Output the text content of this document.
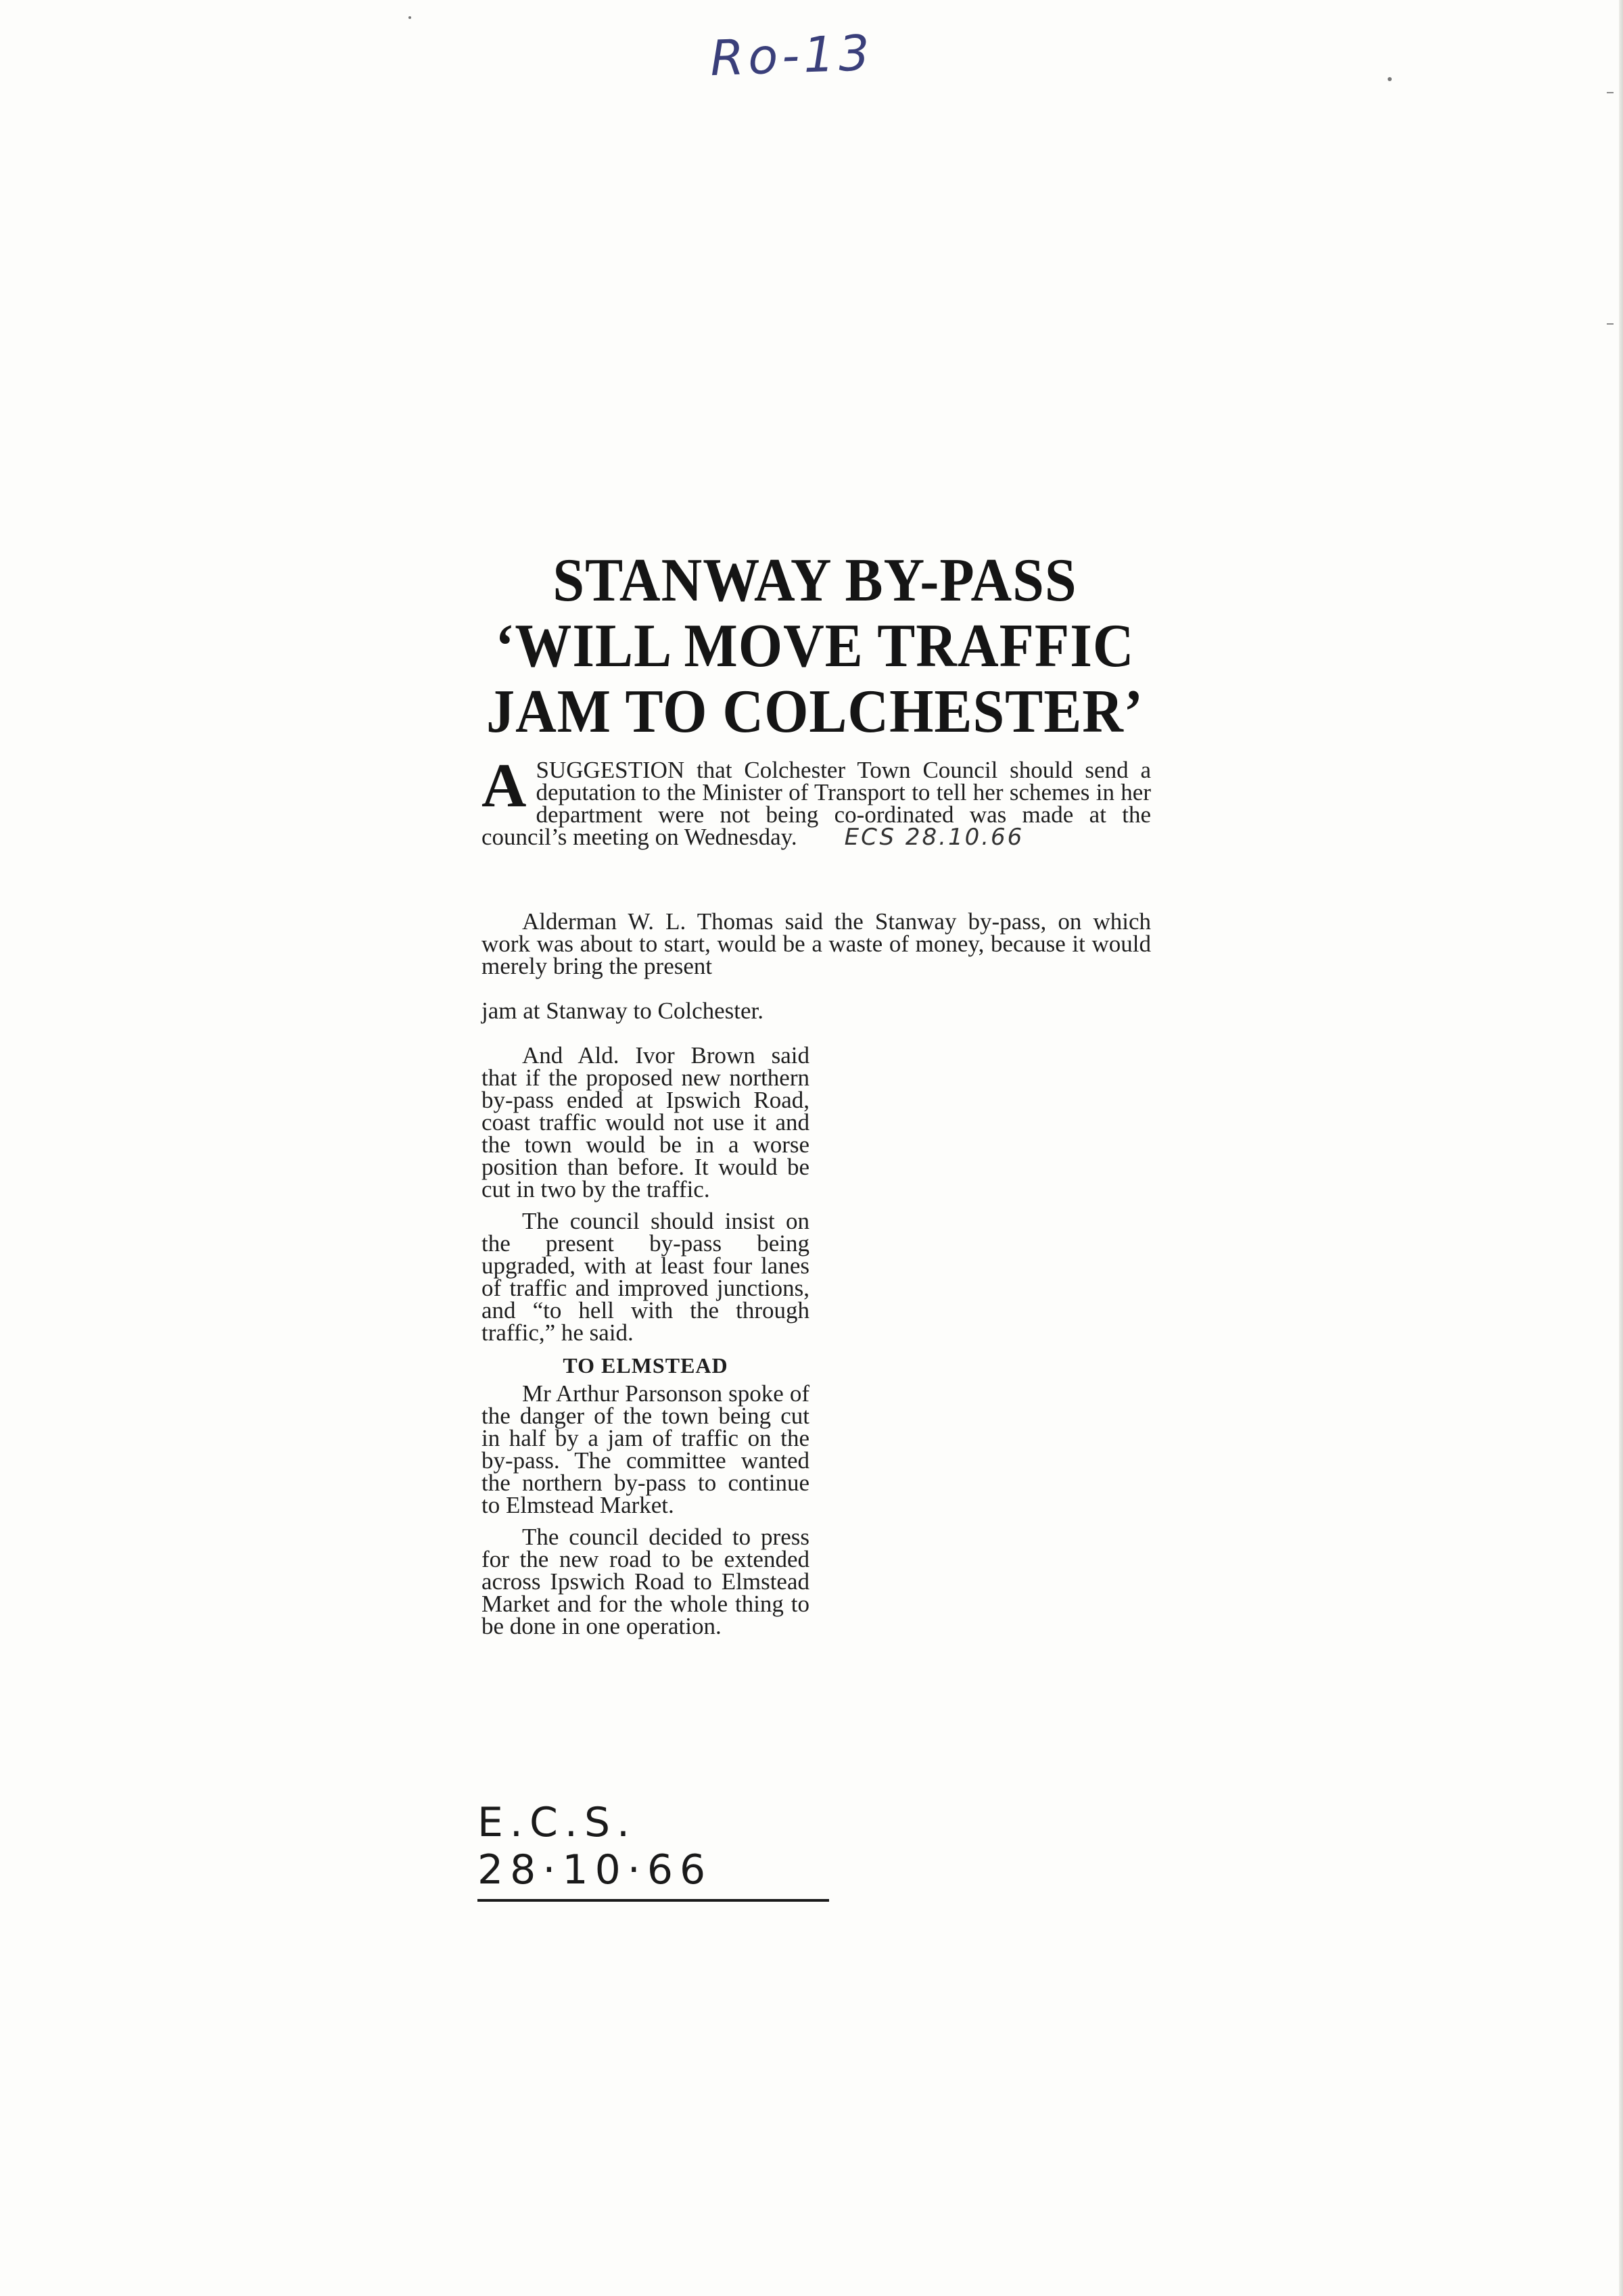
Ro-13
STANWAY BY-PASS
‘WILL MOVE TRAFFIC
JAM TO COLCHESTER’
ASUGGESTION that Colchester Town Council should send a deputation to the Minister of Transport to tell her schemes in her department were not being co-ordinated was made at the council’s meeting on Wednesday. ECS 28.10.66
Alderman W. L. Thomas said the Stanway by-pass, on which work was about to start, would be a waste of money, because it would merely bring the present
jam at Stanway to Colchester.

And Ald. Ivor Brown said that if the proposed new northern by-pass ended at Ipswich Road, coast traffic would not use it and the town would be in a worse position than before. It would be cut in two by the traffic.

The council should insist on the present by-pass being upgraded, with at least four lanes of traffic and improved junctions, and “to hell with the through traffic,” he said.

TO ELMSTEAD

Mr Arthur Parsonson spoke of the danger of the town being cut in half by a jam of traffic on the by-pass. The committee wanted the northern by-pass to continue to Elmstead Market.

The council decided to press for the new road to be extended across Ipswich Road to Elmstead Market and for the whole thing to be done in one operation.

E.C.S. 28·10·66
